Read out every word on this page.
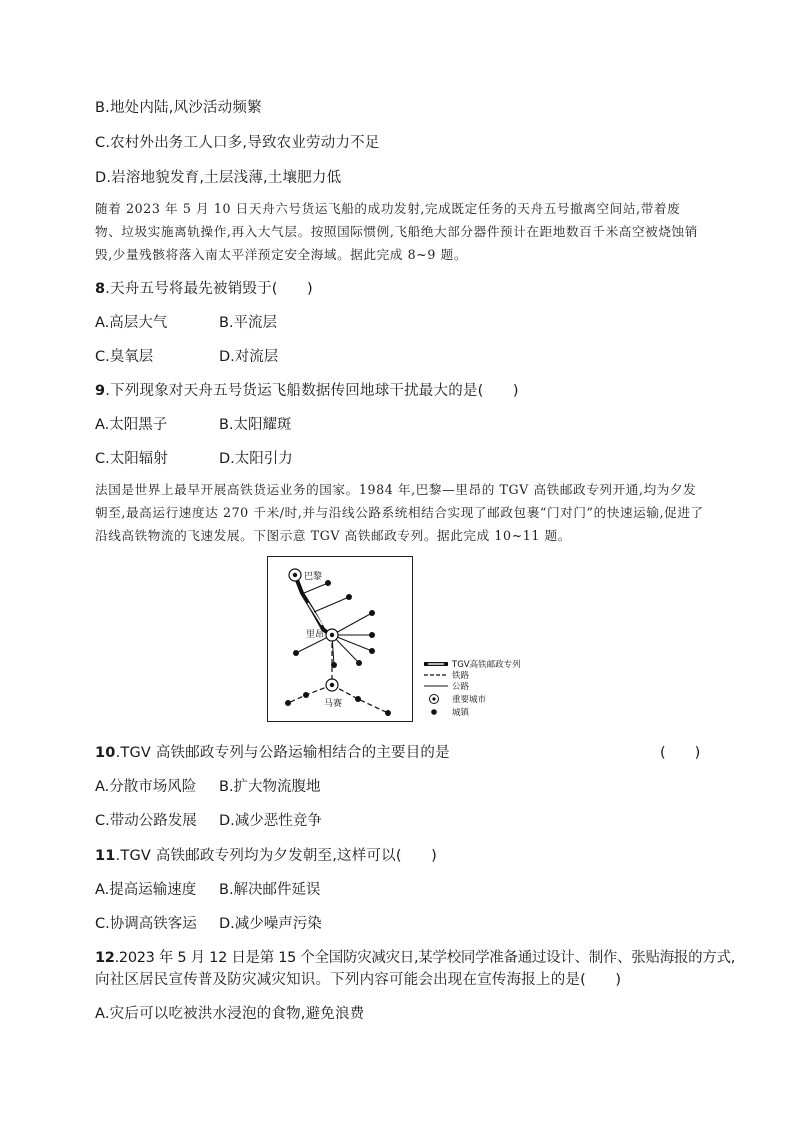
B.地处内陆,风沙活动频繁
C.农村外出务工人口多,导致农业劳动力不足
D.岩溶地貌发育,土层浅薄,土壤肥力低
随着 2023 年 5 月 10 日天舟六号货运飞船的成功发射,完成既定任务的天舟五号撤离空间站,带着废物、垃圾实施离轨操作,再入大气层。按照国际惯例,飞船绝大部分器件预计在距地数百千米高空被烧蚀销毁,少量残骸将落入南太平洋预定安全海域。据此完成 8~9 题。
8.天舟五号将最先被销毁于(　　)
A.高层大气	B.平流层
C.臭氧层	D.对流层
9.下列现象对天舟五号货运飞船数据传回地球干扰最大的是(　　)
A.太阳黑子	B.太阳耀斑
C.太阳辐射	D.太阳引力
法国是世界上最早开展高铁货运业务的国家。1984 年,巴黎—里昂的 TGV 高铁邮政专列开通,均为夕发朝至,最高运行速度达 270 千米/时,并与沿线公路系统相结合实现了邮政包裹“门对门”的快速运输,促进了沿线高铁物流的飞速发展。下图示意 TGV 高铁邮政专列。据此完成 10~11 题。
巴黎
里昂
马赛
TGV高铁邮政专列
铁路
公路
重要城市
城镇
10.TGV 高铁邮政专列与公路运输相结合的主要目的是	(　　)
A.分散市场风险 B.扩大物流腹地
C.带动公路发展 D.减少恶性竞争
11.TGV 高铁邮政专列均为夕发朝至,这样可以(　　)
A.提高运输速度 B.解决邮件延误
C.协调高铁客运 D.减少噪声污染
12.2023 年 5 月 12 日是第 15 个全国防灾减灾日,某学校同学准备通过设计、制作、张贴海报的方式,
向社区居民宣传普及防灾减灾知识。下列内容可能会出现在宣传海报上的是(　　)
A.灾后可以吃被洪水浸泡的食物,避免浪费
